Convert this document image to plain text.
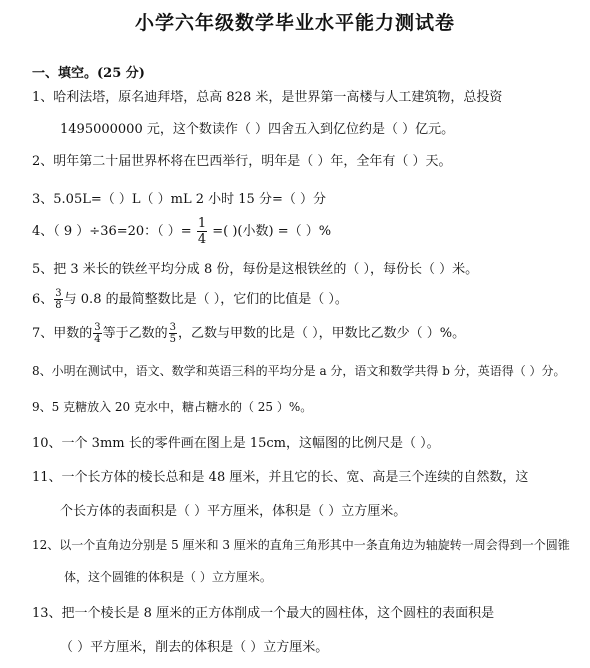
小学六年级数学毕业水平能力测试卷
一、填空。(25 分)
1、哈利法塔，原名迪拜塔，总高 828 米，是世界第一高楼与人工建筑物，总投资
1495000000 元，这个数读作（ ）四舍五入到亿位约是（ ）亿元。
2、明年第二十届世界杯将在巴西举行，明年是（ ）年，全年有（ ）天。
3、5.05L=（ ）L（ ）mL 2 小时 15 分=（ ）分
4、（ 9 ）÷36=20：（ ）= $\frac{1}{4}$ =( )(小数) =（ ）%
5、把 3 米长的铁丝平均分成 8 份，每份是这根铁丝的（ ），每份长（ ）米。
6、 $\frac{3}{8}$ 与 0.8 的最简整数比是（ ），它们的比值是（ ）。
7、甲数的 $\frac{3}{4}$ 等于乙数的 $\frac{3}{5}$ ，乙数与甲数的比是（ ），甲数比乙数少（ ）%。
8、小明在测试中，语文、数学和英语三科的平均分是 a 分，语文和数学共得 b 分，英语得（ ）分。
9、5 克糖放入 20 克水中，糖占糖水的（ 25 ）%。
10、一个 3mm 长的零件画在图上是 15cm，这幅图的比例尺是（ ）。
11、一个长方体的棱长总和是 48 厘米，并且它的长、宽、高是三个连续的自然数，这
个长方体的表面积是（ ）平方厘米，体积是（ ）立方厘米。
12、以一个直角边分别是 5 厘米和 3 厘米的直角三角形其中一条直角边为轴旋转一周会得到一个圆锥
体，这个圆锥的体积是（ ）立方厘米。
13、把一个棱长是 8 厘米的正方体削成一个最大的圆柱体，这个圆柱的表面积是
（ ）平方厘米，削去的体积是（ ）立方厘米。
